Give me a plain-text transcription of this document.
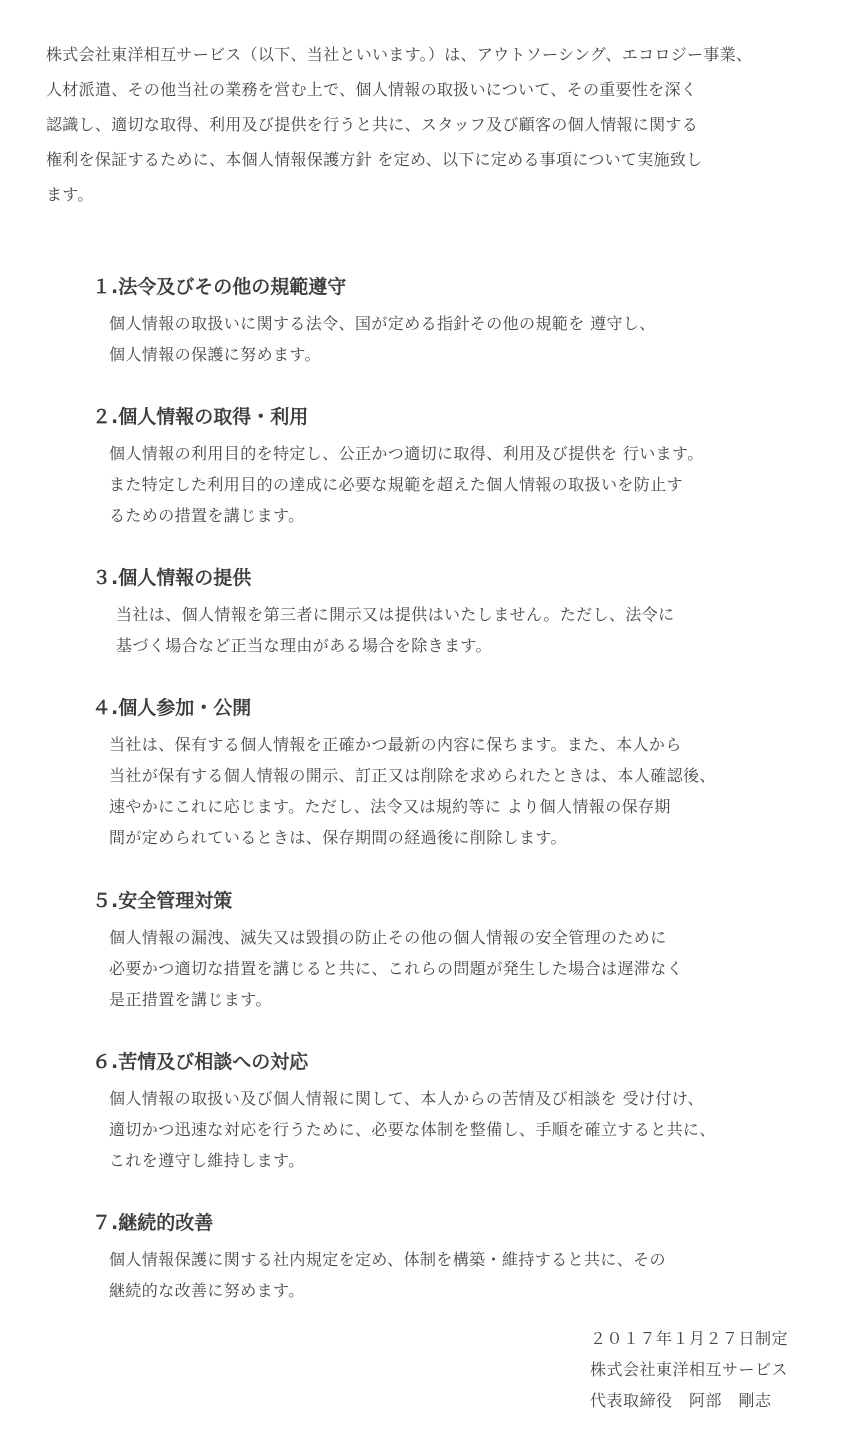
株式会社東洋相互サービス（以下、当社といいます。）は、アウトソーシング、エコロジー事業、
人材派遣、その他当社の業務を営む上で、個人情報の取扱いについて、その重要性を深く
認識し、適切な取得、利用及び提供を行うと共に、スタッフ及び顧客の個人情報に関する
権利を保証するために、本個人情報保護方針 を定め、以下に定める事項について実施致し
ます。
１.法令及びその他の規範遵守
個人情報の取扱いに関する法令、国が定める指針その他の規範を 遵守し、
個人情報の保護に努めます。
２.個人情報の取得・利用
個人情報の利用目的を特定し、公正かつ適切に取得、利用及び提供を 行います。
また特定した利用目的の達成に必要な規範を超えた個人情報の取扱いを防止す
るための措置を講じます。
３.個人情報の提供
当社は、個人情報を第三者に開示又は提供はいたしません。ただし、法令に
基づく場合など正当な理由がある場合を除きます。
４.個人参加・公開
当社は、保有する個人情報を正確かつ最新の内容に保ちます。また、本人から
当社が保有する個人情報の開示、訂正又は削除を求められたときは、本人確認後、
速やかにこれに応じます。ただし、法令又は規約等に より個人情報の保存期
間が定められているときは、保存期間の経過後に削除します。
５.安全管理対策
個人情報の漏洩、滅失又は毀損の防止その他の個人情報の安全管理のために
必要かつ適切な措置を講じると共に、これらの問題が発生した場合は遅滞なく
是正措置を講じます。
６.苦情及び相談への対応
個人情報の取扱い及び個人情報に関して、本人からの苦情及び相談を 受け付け、
適切かつ迅速な対応を行うために、必要な体制を整備し、手順を確立すると共に、
これを遵守し維持します。
７.継続的改善
個人情報保護に関する社内規定を定め、体制を構築・維持すると共に、その
継続的な改善に努めます。
２０１７年１月２７日制定
株式会社東洋相互サービス
代表取締役　阿部　剛志
